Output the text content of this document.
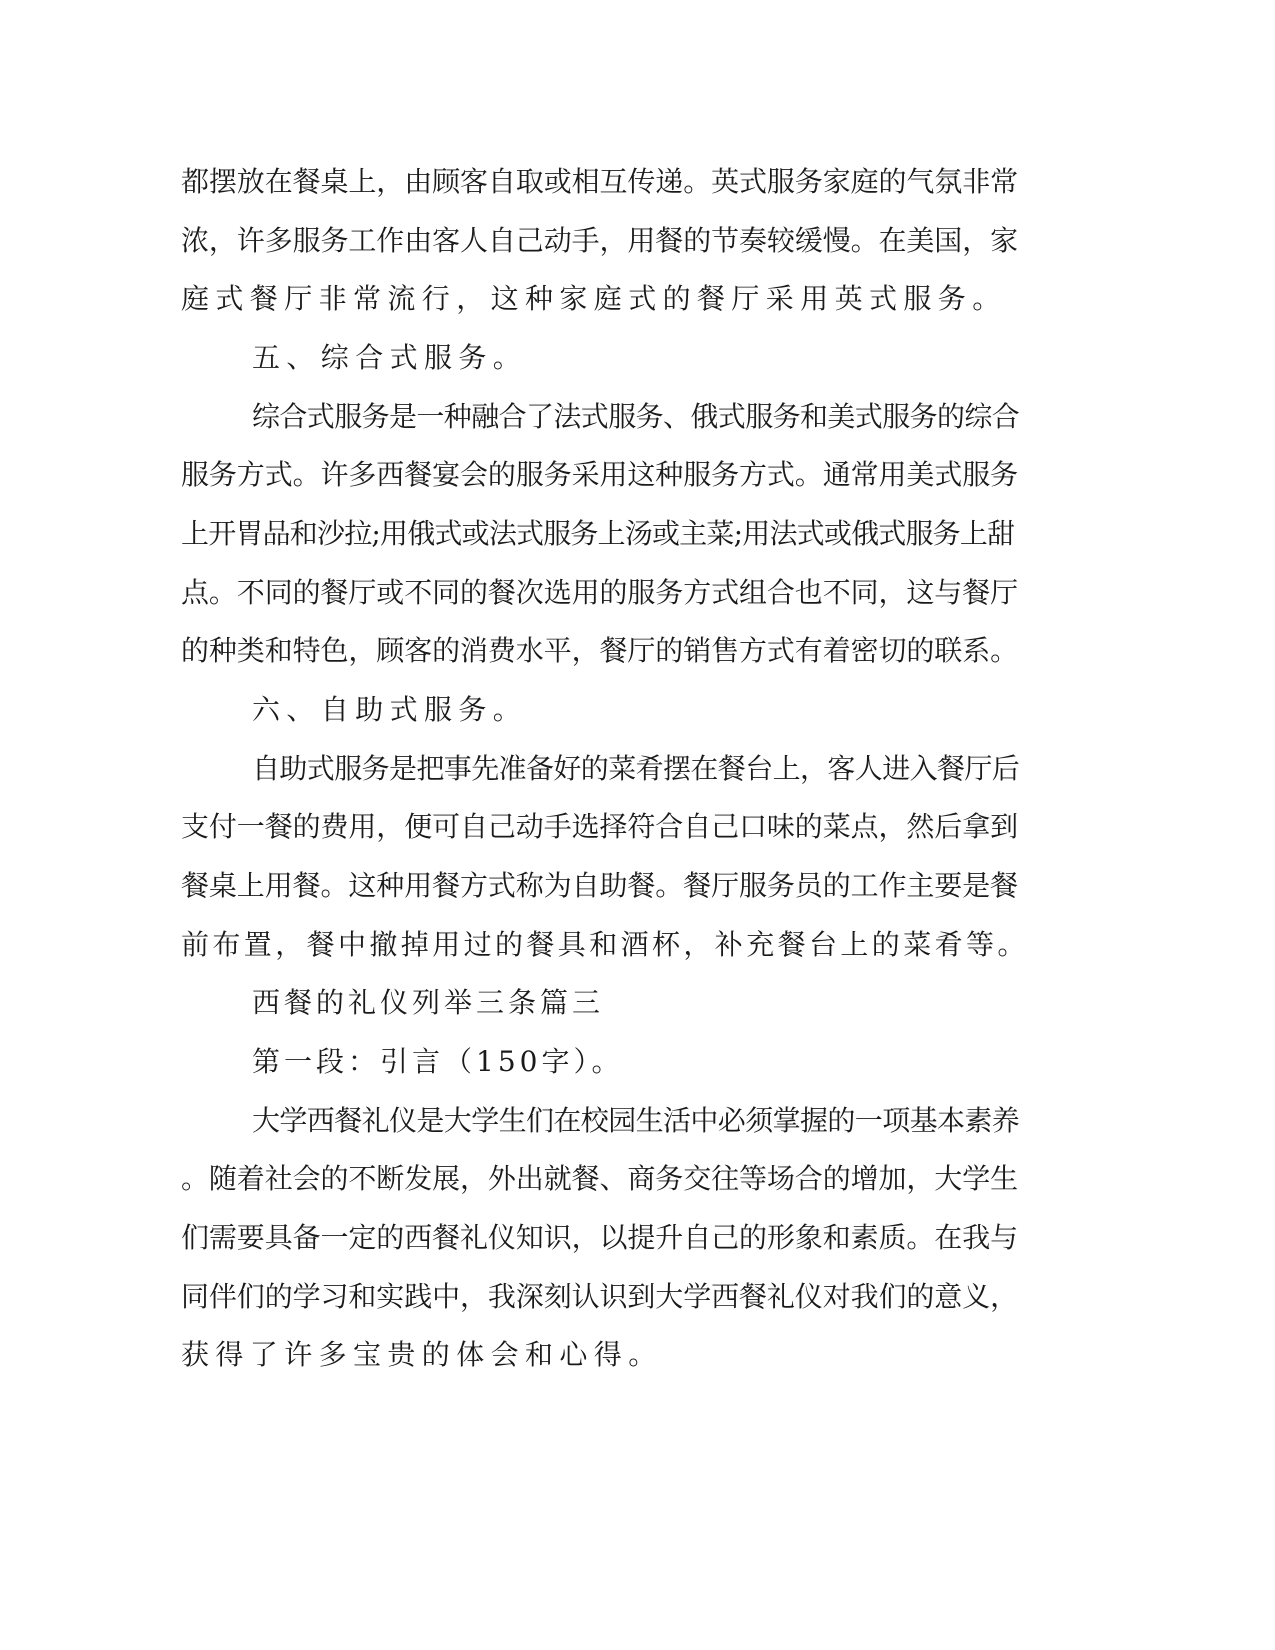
都摆放在餐桌上，由顾客自取或相互传递。英式服务家庭的气氛非常

浓，许多服务工作由客人自己动手，用餐的节奏较缓慢。在美国，家

庭式餐厅非常流行，这种家庭式的餐厅采用英式服务。

五、综合式服务。

综合式服务是一种融合了法式服务、俄式服务和美式服务的综合

服务方式。许多西餐宴会的服务采用这种服务方式。通常用美式服务

上开胃品和沙拉;用俄式或法式服务上汤或主菜;用法式或俄式服务上甜

点。不同的餐厅或不同的餐次选用的服务方式组合也不同，这与餐厅

的种类和特色，顾客的消费水平，餐厅的销售方式有着密切的联系。

六、自助式服务。

自助式服务是把事先准备好的菜肴摆在餐台上，客人进入餐厅后

支付一餐的费用，便可自己动手选择符合自己口味的菜点，然后拿到

餐桌上用餐。这种用餐方式称为自助餐。餐厅服务员的工作主要是餐

前布置，餐中撤掉用过的餐具和酒杯，补充餐台上的菜肴等。

西餐的礼仪列举三条篇三

第一段：引言（150字）。

大学西餐礼仪是大学生们在校园生活中必须掌握的一项基本素养

。随着社会的不断发展，外出就餐、商务交往等场合的增加，大学生

们需要具备一定的西餐礼仪知识，以提升自己的形象和素质。在我与

同伴们的学习和实践中，我深刻认识到大学西餐礼仪对我们的意义，

获得了许多宝贵的体会和心得。
